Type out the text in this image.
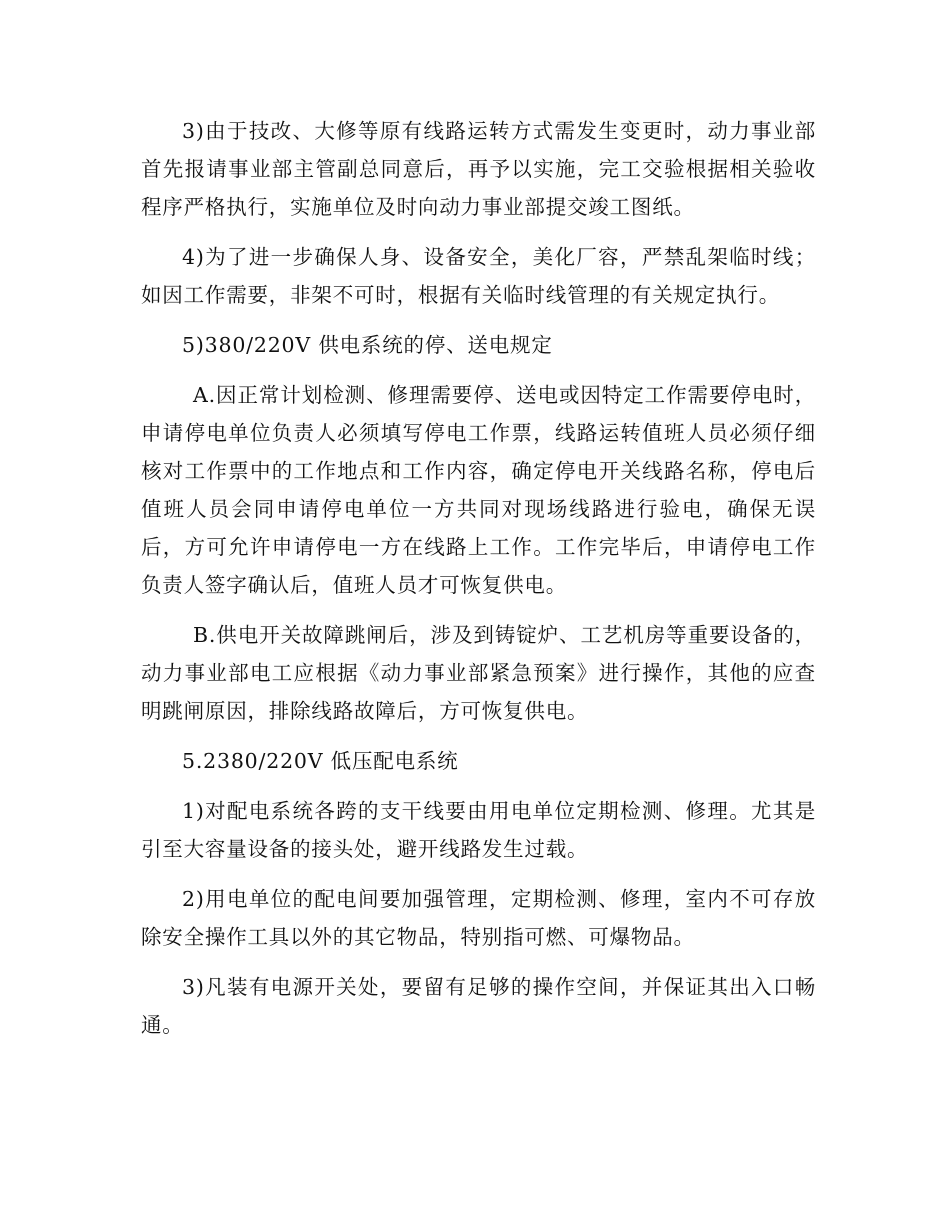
3)由于技改、大修等原有线路运转方式需发生变更时，动力事业部首先报请事业部主管副总同意后，再予以实施，完工交验根据相关验收程序严格执行，实施单位及时向动力事业部提交竣工图纸。

4)为了进一步确保人身、设备安全，美化厂容，严禁乱架临时线；如因工作需要，非架不可时，根据有关临时线管理的有关规定执行。

5)380/220V 供电系统的停、送电规定

A.因正常计划检测、修理需要停、送电或因特定工作需要停电时，申请停电单位负责人必须填写停电工作票，线路运转值班人员必须仔细核对工作票中的工作地点和工作内容，确定停电开关线路名称，停电后值班人员会同申请停电单位一方共同对现场线路进行验电，确保无误后，方可允许申请停电一方在线路上工作。工作完毕后，申请停电工作负责人签字确认后，值班人员才可恢复供电。

B.供电开关故障跳闸后，涉及到铸锭炉、工艺机房等重要设备的，动力事业部电工应根据《动力事业部紧急预案》进行操作，其他的应查明跳闸原因，排除线路故障后，方可恢复供电。

5.2380/220V 低压配电系统

1)对配电系统各跨的支干线要由用电单位定期检测、修理。尤其是引至大容量设备的接头处，避开线路发生过载。

2)用电单位的配电间要加强管理，定期检测、修理，室内不可存放除安全操作工具以外的其它物品，特别指可燃、可爆物品。

3)凡装有电源开关处，要留有足够的操作空间，并保证其出入口畅通。
